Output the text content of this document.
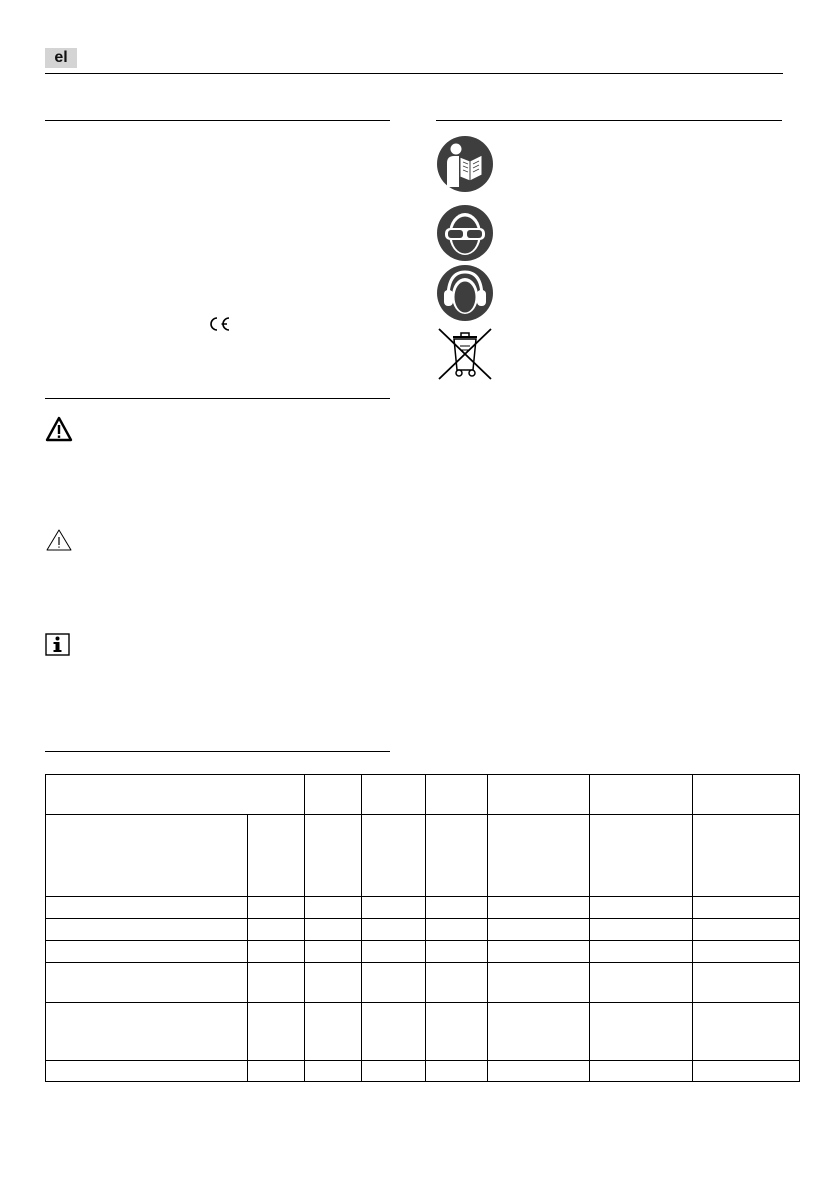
el
